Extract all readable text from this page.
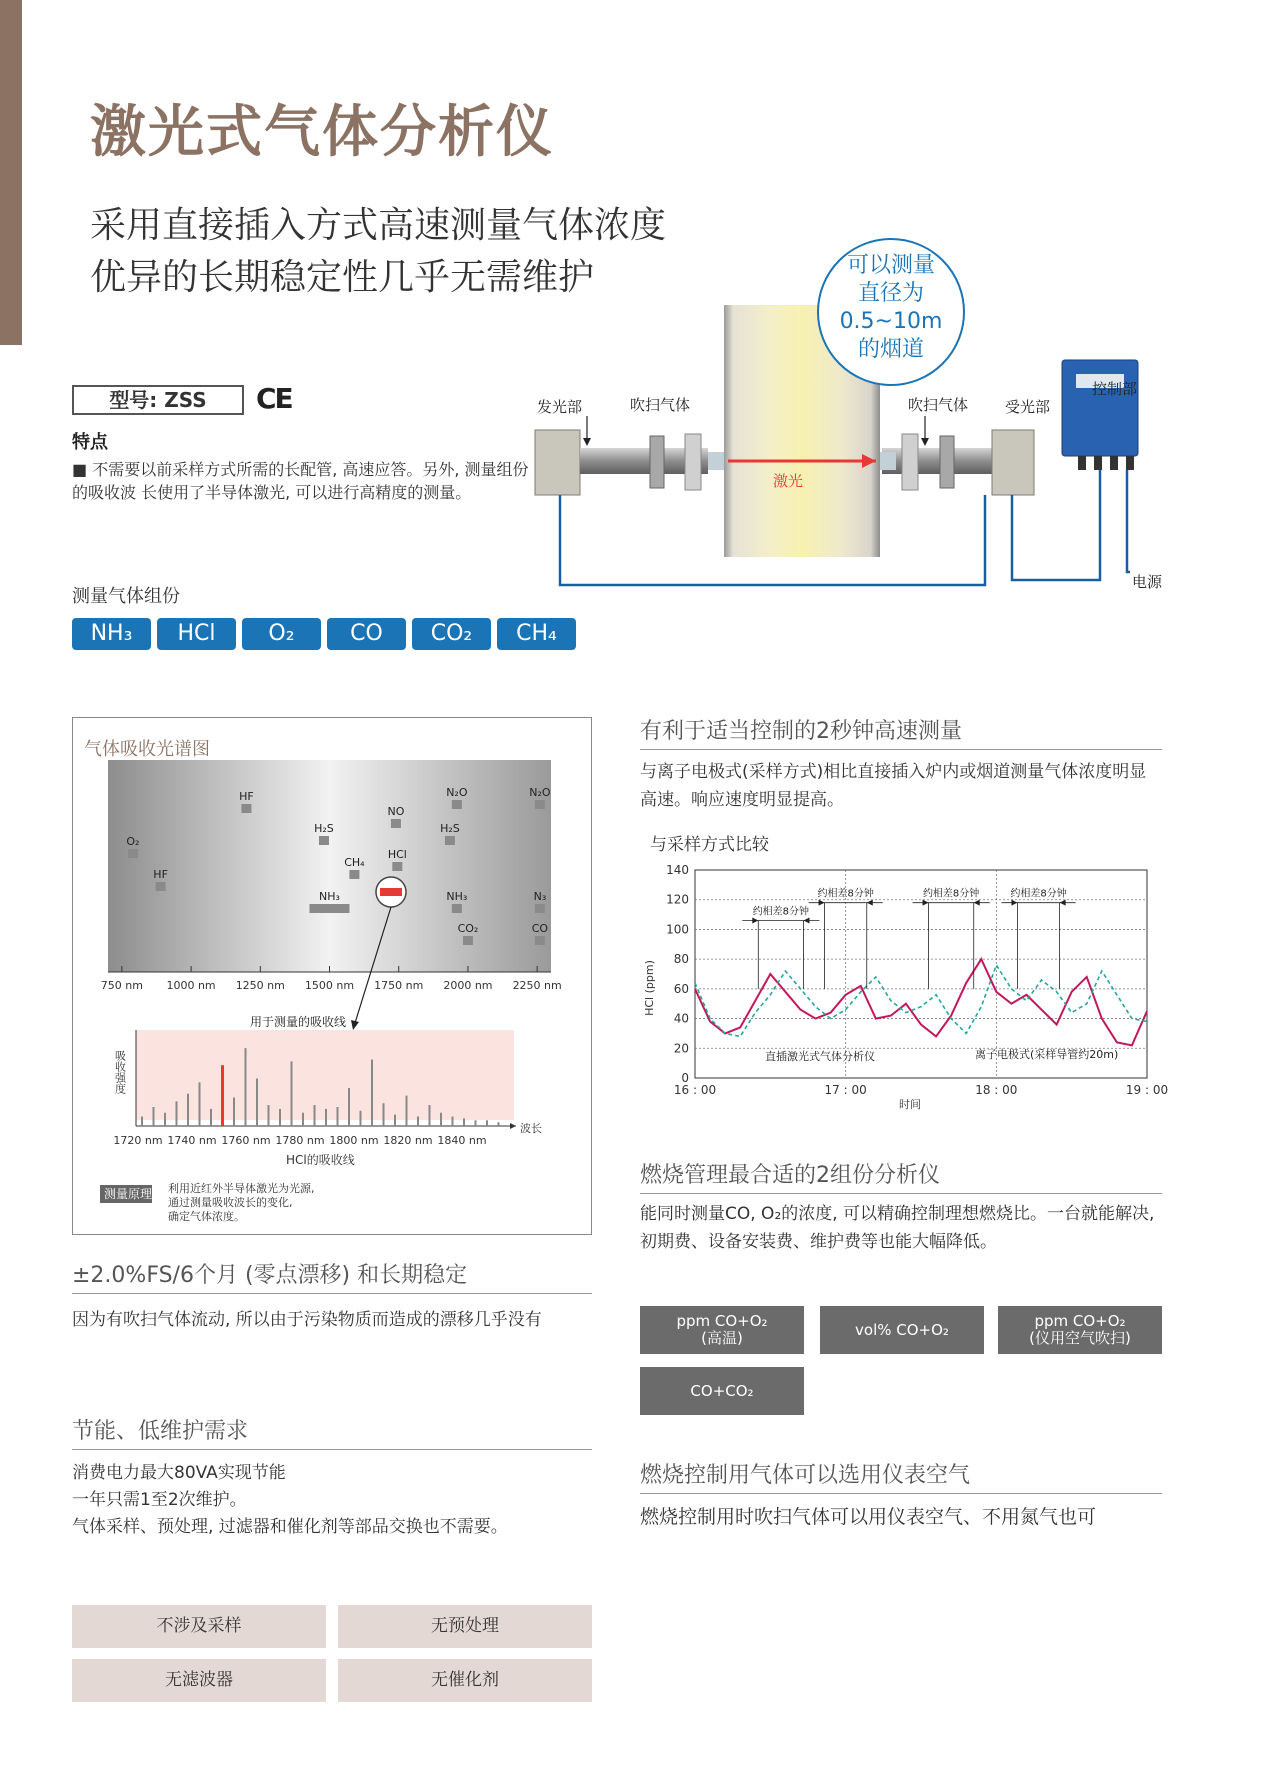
激光式气体分析仪
采用直接插入方式高速测量气体浓度
优异的长期稳定性几乎无需维护
型号: ZSS	CE
特点
■ 不需要以前采样方式所需的长配管, 高速应答。另外, 测量组份的吸收波 长使用了半导体激光, 可以进行高精度的测量。
测量气体组份
NH₃	HCl	O₂	CO	CO₂	CH₄
发光部	吹扫气体	吹扫气体 受光部
控制部
激光
电源
可以测量
直径为
0.5~10m
的烟道
气体吸收光谱图
O₂
HF
HF
H₂S
CH₄
NO
HCl
NH₃
H₂S
N₂O
NH₃
CO₂
N₂O
N₃
CO
750 nm 1000 nm 1250 nm 1500 nm 1750 nm 2000 nm 2250 nm
用于测量的吸收线
吸收强度
波长
1720 nm 1740 nm 1760 nm 1780 nm 1800 nm 1820 nm 1840 nm
HCl的吸收线
测量原理 利用近红外半导体激光为光源,
通过测量吸收波长的变化,
确定气体浓度。
有利于适当控制的2秒钟高速测量
与离子电极式(采样方式)相比直接插入炉内或烟道测量气体浓度明显高速。响应速度明显提高。
与采样方式比较
0
20
40
60
80
100
120
140
16 : 00	17 : 00	18 : 00	19 : 00
约相差8分钟
约相差8分钟	约相差8分钟	约相差8分钟
HCl (ppm)
时间
直插激光式气体分析仪	离子电极式(采样导管约20m)
燃烧管理最合适的2组份分析仪
能同时测量CO, O₂的浓度, 可以精确控制理想燃烧比。一台就能解决, 初期费、设备安装费、维护费等也能大幅降低。
ppm CO+O₂
(高温)	vol% CO+O₂	ppm CO+O₂
(仪用空气吹扫)
CO+CO₂
燃烧控制用气体可以选用仪表空气
燃烧控制用时吹扫气体可以用仪表空气、不用氮气也可
±2.0%FS/6个月 (零点漂移) 和长期稳定
因为有吹扫气体流动, 所以由于污染物质而造成的漂移几乎没有
节能、低维护需求
消费电力最大80VA实现节能
一年只需1至2次维护。
气体采样、预处理, 过滤器和催化剂等部品交换也不需要。
不涉及采样	无预处理
无滤波器	无催化剂
